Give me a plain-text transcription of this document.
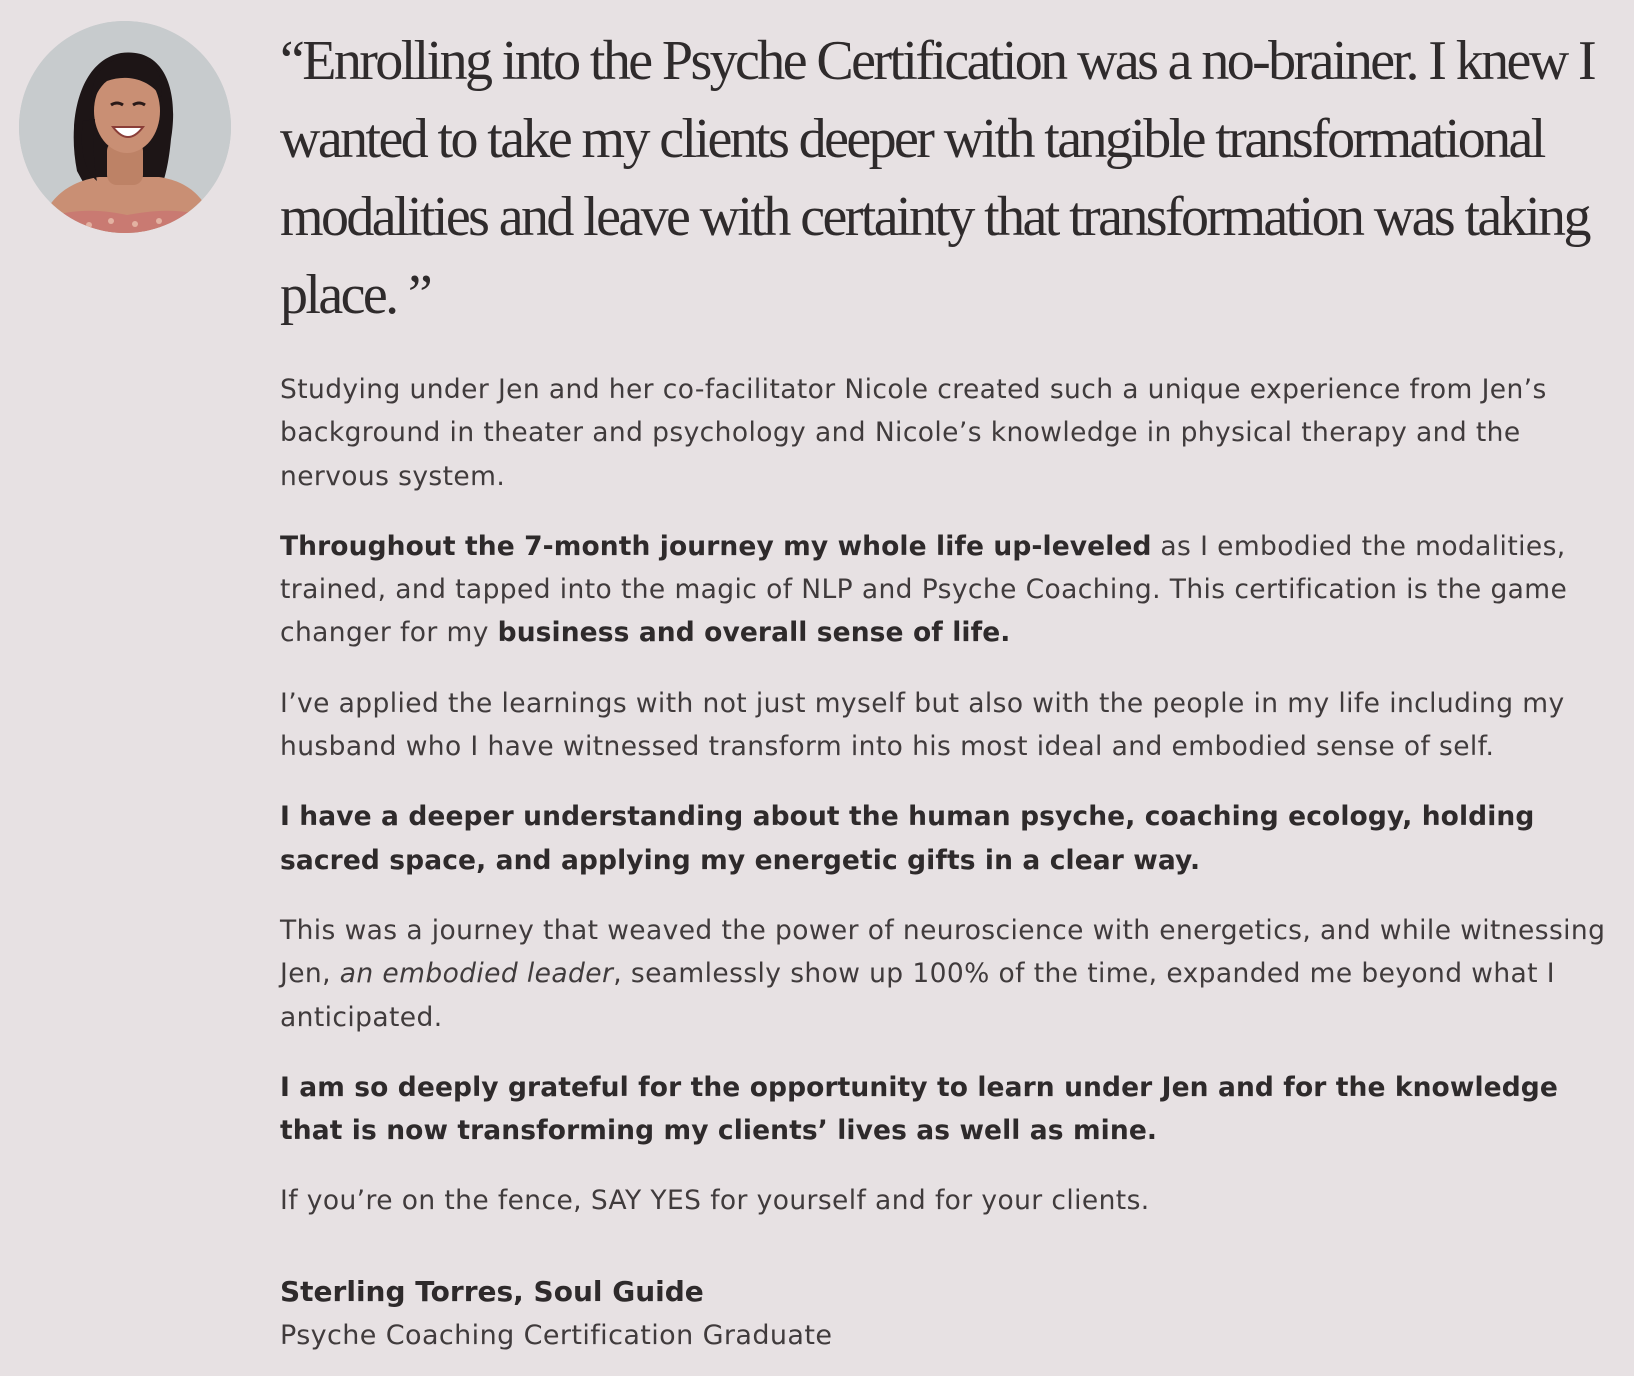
“Enrolling into the Psyche Certification was a no-brainer. I knew I wanted to take my clients deeper with tangible transformational modalities and leave with certainty that transformation was taking place. ”

Studying under Jen and her co-facilitator Nicole created such a unique experience from Jen’s background in theater and psychology and Nicole’s knowledge in physical therapy and the nervous system.

Throughout the 7-month journey my whole life up-leveled as I embodied the modalities, trained, and tapped into the magic of NLP and Psyche Coaching. This certification is the game changer for my business and overall sense of life.

I’ve applied the learnings with not just myself but also with the people in my life including my husband who I have witnessed transform into his most ideal and embodied sense of self.

I have a deeper understanding about the human psyche, coaching ecology, holding sacred space, and applying my energetic gifts in a clear way.

This was a journey that weaved the power of neuroscience with energetics, and while witnessing Jen, an embodied leader, seamlessly show up 100% of the time, expanded me beyond what I anticipated.

I am so deeply grateful for the opportunity to learn under Jen and for the knowledge that is now transforming my clients’ lives as well as mine.

If you’re on the fence, SAY YES for yourself and for your clients.

Sterling Torres, Soul Guide
Psyche Coaching Certification Graduate
